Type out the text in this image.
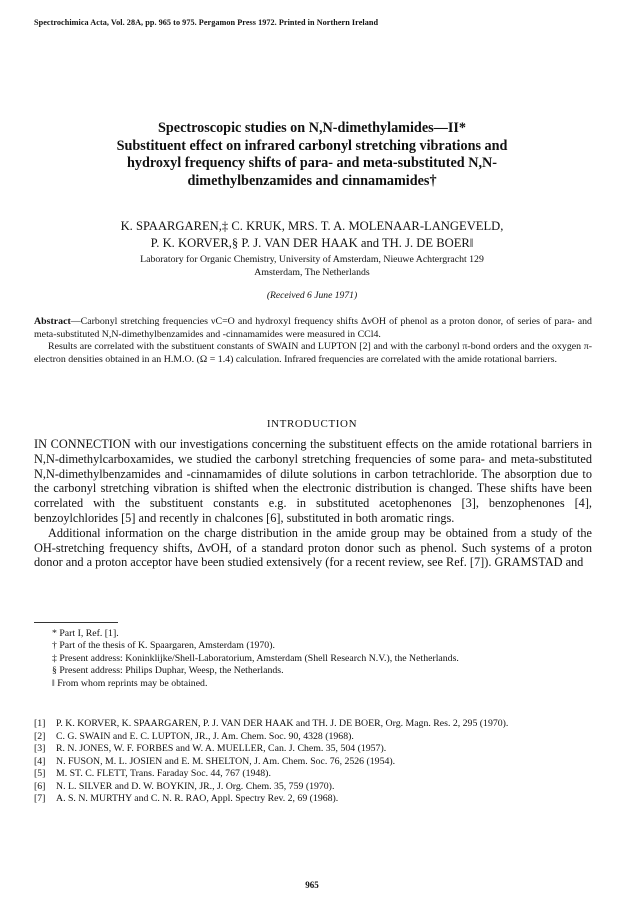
Spectrochimica Acta, Vol. 28A, pp. 965 to 975. Pergamon Press 1972. Printed in Northern Ireland
Spectroscopic studies on N,N-dimethylamides—II*
Substituent effect on infrared carbonyl stretching vibrations and
hydroxyl frequency shifts of para- and meta-substituted N,N-
dimethylbenzamides and cinnamamides†
K. SPAARGAREN,‡ C. KRUK, MRS. T. A. MOLENAAR-LANGEVELD,
P. K. KORVER,§ P. J. VAN DER HAAK and TH. J. DE BOER‖
Laboratory for Organic Chemistry, University of Amsterdam, Nieuwe Achtergracht 129
Amsterdam, The Netherlands
(Received 6 June 1971)

Abstract—Carbonyl stretching frequencies νC=O and hydroxyl frequency shifts ΔνOH of phenol as a proton donor, of series of para- and meta-substituted N,N-dimethylbenzamides and -cinnamamides were measured in CCl4.

Results are correlated with the substituent constants of SWAIN and LUPTON [2] and with the carbonyl π-bond orders and the oxygen π-electron densities obtained in an H.M.O. (Ω = 1.4) calculation. Infrared frequencies are correlated with the amide rotational barriers.

INTRODUCTION

IN CONNECTION with our investigations concerning the substituent effects on the amide rotational barriers in N,N-dimethylcarboxamides, we studied the carbonyl stretching frequencies of some para- and meta-substituted N,N-dimethylbenzamides and -cinnamamides of dilute solutions in carbon tetrachloride. The absorption due to the carbonyl stretching vibration is shifted when the electronic distribution is changed. These shifts have been correlated with the substituent constants e.g. in substituted acetophenones [3], benzophenones [4], benzoylchlorides [5] and recently in chalcones [6], substituted in both aromatic rings.

Additional information on the charge distribution in the amide group may be obtained from a study of the OH-stretching frequency shifts, ΔνOH, of a standard proton donor such as phenol. Such systems of a proton donor and a proton acceptor have been studied extensively (for a recent review, see Ref. [7]). GRAMSTAD and

* Part I, Ref. [1].
† Part of the thesis of K. Spaargaren, Amsterdam (1970).
‡ Present address: Koninklijke/Shell-Laboratorium, Amsterdam (Shell Research N.V.), the Netherlands.
§ Present address: Philips Duphar, Weesp, the Netherlands.
‖ From whom reprints may be obtained.
[1]	P. K. KORVER, K. SPAARGAREN, P. J. VAN DER HAAK and TH. J. DE BOER, Org. Magn. Res. 2, 295 (1970).
[2]	C. G. SWAIN and E. C. LUPTON, JR., J. Am. Chem. Soc. 90, 4328 (1968).
[3]	R. N. JONES, W. F. FORBES and W. A. MUELLER, Can. J. Chem. 35, 504 (1957).
[4]	N. FUSON, M. L. JOSIEN and E. M. SHELTON, J. Am. Chem. Soc. 76, 2526 (1954).
[5]	M. ST. C. FLETT, Trans. Faraday Soc. 44, 767 (1948).
[6]	N. L. SILVER and D. W. BOYKIN, JR., J. Org. Chem. 35, 759 (1970).
[7]	A. S. N. MURTHY and C. N. R. RAO, Appl. Spectry Rev. 2, 69 (1968).
965
